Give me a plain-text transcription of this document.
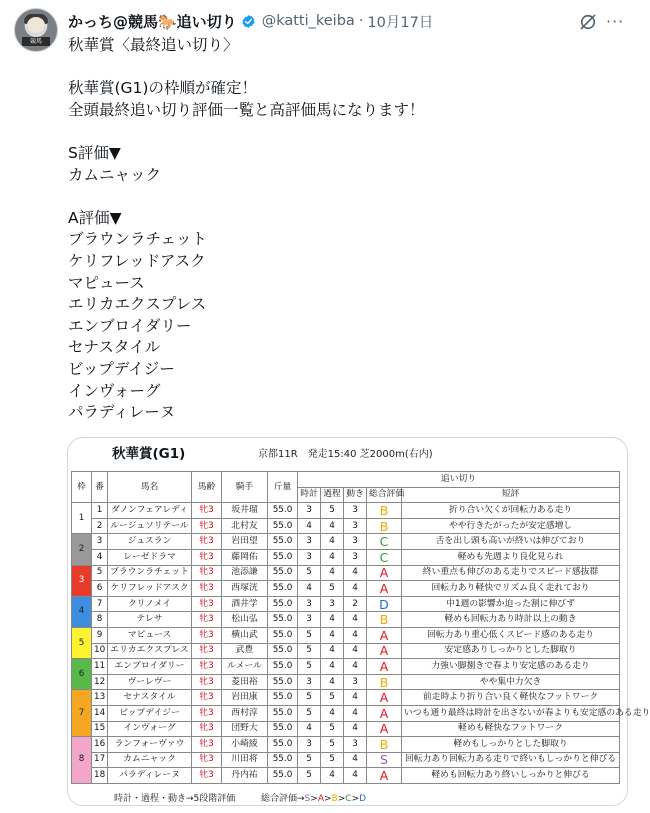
競馬
かっち@競馬🐎追い切り @katti_keiba · 10月17日	···
秋華賞〈最終追い切り〉

秋華賞(G1)の枠順が確定！
全頭最終追い切り評価一覧と高評価馬になります！

S評価▼
カムニャック

A評価▼
ブラウンラチェット
ケリフレッドアスク
マピュース
エリカエクスプレス
エンブロイダリー
セナスタイル
ビップデイジー
インヴォーグ
パラディレーヌ
秋華賞(G1)	京都11R　発走15:40 芝2000m(右内)
枠	番	馬名	馬齢	騎手	斤量	追い切り				
						時計	過程	動き	総合評価	短評
1	1	ダノンフェアレディ	牝3	坂井瑠	55.0	3	5	3	B	折り合い欠くが回転力ある走り
	2	ルージュソリテール	牝3	北村友	55.0	4	4	3	B	やや行きたがったが安定感増し
2	3	ジュスラン	牝3	岩田望	55.0	3	4	3	C	舌を出し頭も高いが終いは伸びており
	4	レーゼドラマ	牝3	藤岡佑	55.0	3	4	3	C	軽めも先週より良化見られ
3	5	ブラウンラチェット	牝3	池添謙	55.0	5	4	4	A	終い重点も伸びのある走りでスピード感抜群
	6	ケリフレッドアスク	牝3	西塚洸	55.0	4	5	4	A	回転力あり軽快でリズム良く走れており
4	7	クリノメイ	牝3	酒井学	55.0	3	3	2	D	中1週の影響か迫った割に伸びず
	8	テレサ	牝3	松山弘	55.0	3	4	4	B	軽めも回転力あり時計以上の動き
5	9	マピュース	牝3	横山武	55.0	5	4	4	A	回転力あり重心低くスピード感のある走り
	10	エリカエクスプレス	牝3	武豊	55.0	5	4	4	A	安定感ありしっかりとした脚取り
6	11	エンブロイダリー	牝3	ルメール	55.0	5	4	4	A	力強い脚捌きで春より安定感のある走り
	12	ヴーレヴー	牝3	菱田裕	55.0	3	4	3	B	やや集中力欠き
7	13	セナスタイル	牝3	岩田康	55.0	5	5	4	A	前走時より折り合い良く軽快なフットワーク
	14	ビップデイジー	牝3	西村淳	55.0	5	4	4	A	いつも通り最終は時計を出さないが春よりも安定感のある走り
	15	インヴォーグ	牝3	団野大	55.0	4	5	4	A	軽めも軽快なフットワーク
8	16	ランフォーヴァウ	牝3	小崎綾	55.0	3	5	3	B	軽めもしっかりとした脚取り
	17	カムニャック	牝3	川田将	55.0	5	5	4	S	回転力あり回転力ある走りで終いもしっかりと伸びる
	18	パラディレーヌ	牝3	丹内祐	55.0	5	4	4	A	軽めも回転力あり終いしっかりと伸びる
時計・過程・動き→5段階評価	総合評価→S>A>B>C>D
